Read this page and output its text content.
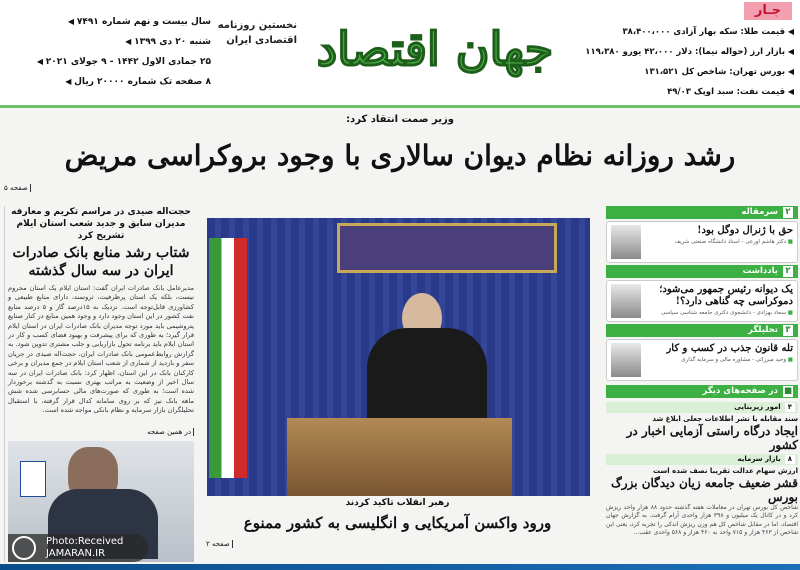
جـار
◀ قیمت طلا: سکه بهار آزادی ۳۸،۴۰۰،۰۰۰
◀ بازار ارز (حواله نیما): دلار ۴۲،۰۰۰ یورو ۱۱۹،۳۸۰
◀ بورس تهران: شاخص کل ۱۳۱،۵۲۱
◀ قیمت نفت: سبد اوپک ۴۹/۰۳
جهان اقتصاد
نخستین روزنامه اقتصادی ایران
سال بیست و نهم شماره ۷۴۹۱ ◀
شنبه ۲۰ دی ۱۳۹۹ ◀
۲۵ جمادی الاول ۱۴۴۲ - ۹ جولای ۲۰۲۱ ◀
۸ صفحه تک شماره ۲۰۰۰۰ ریال ◀
وزیر صمت انتقاد کرد:
رشد روزانه نظام دیوان سالاری با وجود بروکراسی مریض
صفحه ۵
حجت‌اله صیدی در مراسم تکریم و معارفه مدیران سابق و جدید شعب استان ایلام تشریح کرد
شتاب رشد منابع بانک صادرات ایران در سه سال گذشته

مدیرعامل بانک صادرات ایران گفت: استان ایلام یک استان محروم نیست، بلکه یک استان پرظرفیت، ثروتمند، دارای منابع طبیعی و کشاورزی قابل‌توجه است. نزدیک به ۱۵درصد گاز و ۵ درصد منابع نفت کشور در این استان وجود دارد و وجود همین منابع در کنار صنایع پتروشیمی باید مورد توجه مدیران بانک صادرات ایران در استان ایلام قرار گیرد؛ به طوری که برای پیشرفت و بهبود فضای کسب و کار در استان ایلام باید برنامه تحول بازاریابی و جلب مشتری تدوین شود. به گزارش روابط‌عمومی بانک صادرات ایران، حجت‌اله صیدی در جریان سفر و بازدید از شماری از شعب استان ایلام در جمع مدیران و برخی کارکنان بانک در این استان، اظهار کرد: بانک صادرات ایران در سه سال اخیر از وضعیت به مراتب بهتری نسبت به گذشته برخوردار شده است؛ به طوری که صورت‌های مالی حسابرسی شده شش ماهه بانک نیز که بر روی سامانه کدال قرار گرفته، با استقبال تحلیلگران بازار سرمایه و نظام بانکی مواجه شده است.

در همین صفحه
Photo:Received
JAMARAN.IR
رهبر انقلاب تاکید کردند
ورود واکسن آمریکایی و انگلیسی به کشور ممنوع
صفحه ۲
۲
سرمقاله
حق با ژنرال دوگل بود!
■ دکتر هاشم اورعی - استاد دانشگاه صنعتی شریف
۲
یادداشت
یک دیوانه رئیس جمهور می‌شود؛ دموکراسی چه گناهی دارد؟!
■ سجاد بهزادی - دانشجوی دکتری جامعه شناسی سیاسی
۳
تحلیلگر
تله قانون جذب در کسب و کار
■ وحید میرزائی - مشاوره مالی و سرمایه گذاری
■
در صفحه‌های دیگر
۴
امور زیربنایی
سند مقابله با نشر اطلاعات جعلی ابلاغ شد
ایجاد درگاه راستی آزمایی اخبار در کشور
۸
بازار سرمایه
ارزش سهام عدالت تقریبا نصف شده است
قشر ضعیف جامعه زیان دیدگان بزرگ بورس
شاخص کل بورس تهران در معاملات هفته گذشته حدود ۸۸ هزار واحد ریزش کرد و در کانال یک میلیون و ۳۹۸ هزار واحدی آرام گرفت. به گزارش جهان اقتصاد، اما در مقابل شاخص کل هم وزن ریزش اندکی را تجربه کرد، یعنی این شاخص از ۴۶۳ هزار و ۷۱۵ واحد به ۴۶۰ هزار و ۵۶۸ واحدی عقب...
